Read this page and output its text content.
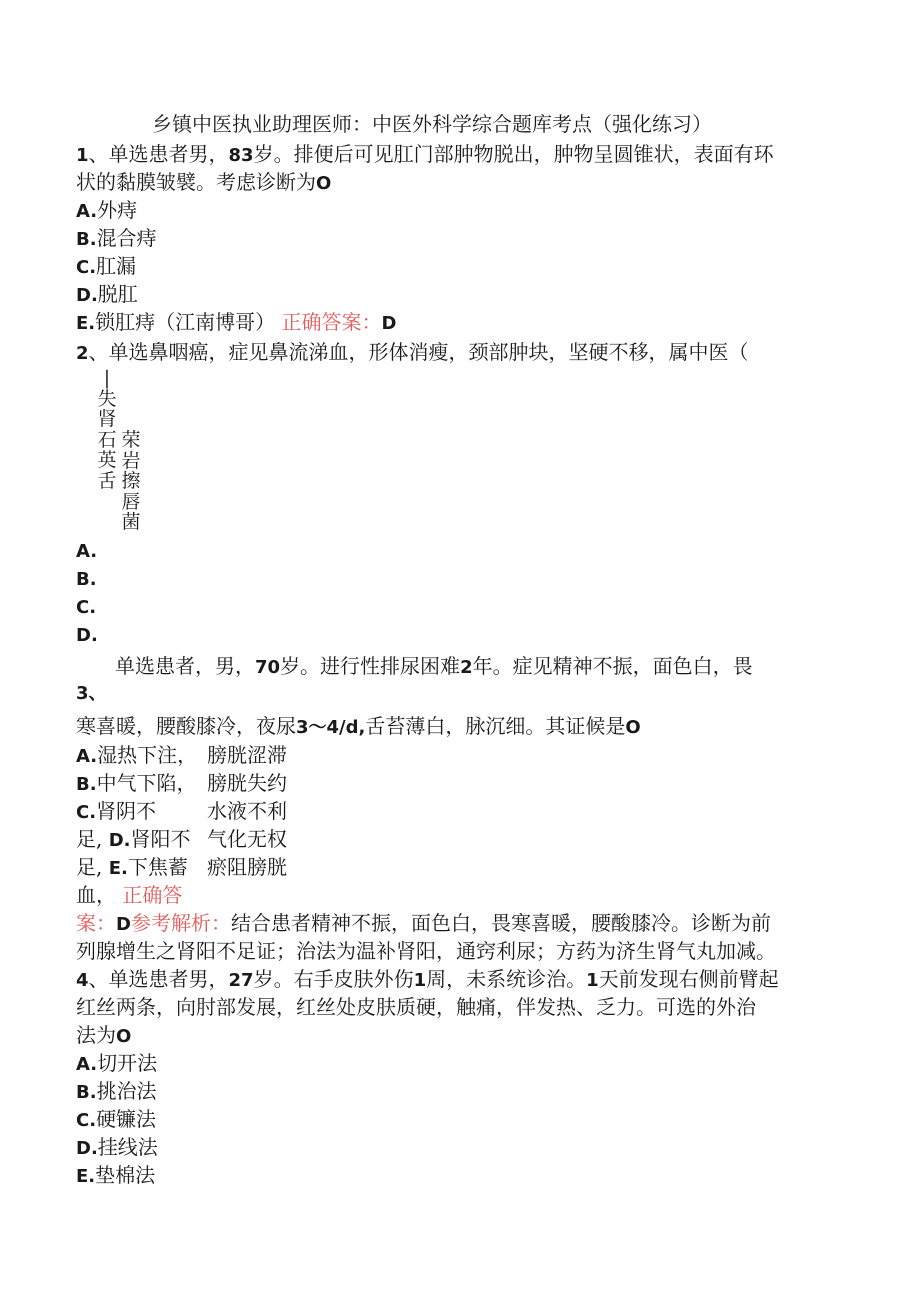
乡镇中医执业助理医师：中医外科学综合题库考点（强化练习）
1、单选患者男，83岁。排便后可见肛门部肿物脱出，肿物呈圆锥状，表面有环
状的黏膜皱襞。考虑诊断为O
A.外痔
B.混合痔
C.肛漏
D.脱肛
E.锁肛痔（江南博哥） 正确答案：D
2、单选鼻咽癌，症见鼻流涕血，形体消瘦，颈部肿块，坚硬不移，属中医（
|失肾石英舌
荣岩擦唇菌
A.
B.
C.
D.
单选患者，男，70岁。进行性排尿困难2年。症见精神不振，面色白，畏
3、
寒喜暖，腰酸膝冷，夜尿3～4/d,舌苔薄白，脉沉细。其证候是O
A.湿热下注，
B.中气下陷，
C.肾阴不
足, D.肾阳不
足, E.下焦蓄
膀胱涩滞
膀胱失约
水液不利
气化无权
瘀阻膀胱
血， 正确答
案：D参考解析：结合患者精神不振，面色白，畏寒喜暖，腰酸膝冷。诊断为前
列腺增生之肾阳不足证；治法为温补肾阳，通窍利尿；方药为济生肾气丸加减。
4、单选患者男，27岁。右手皮肤外伤1周，未系统诊治。1天前发现右侧前臂起
红丝两条，向肘部发展，红丝处皮肤质硬，触痛，伴发热、乏力。可选的外治
法为O
A.切开法
B.挑治法
C.硬镰法
D.挂线法
E.垫棉法
